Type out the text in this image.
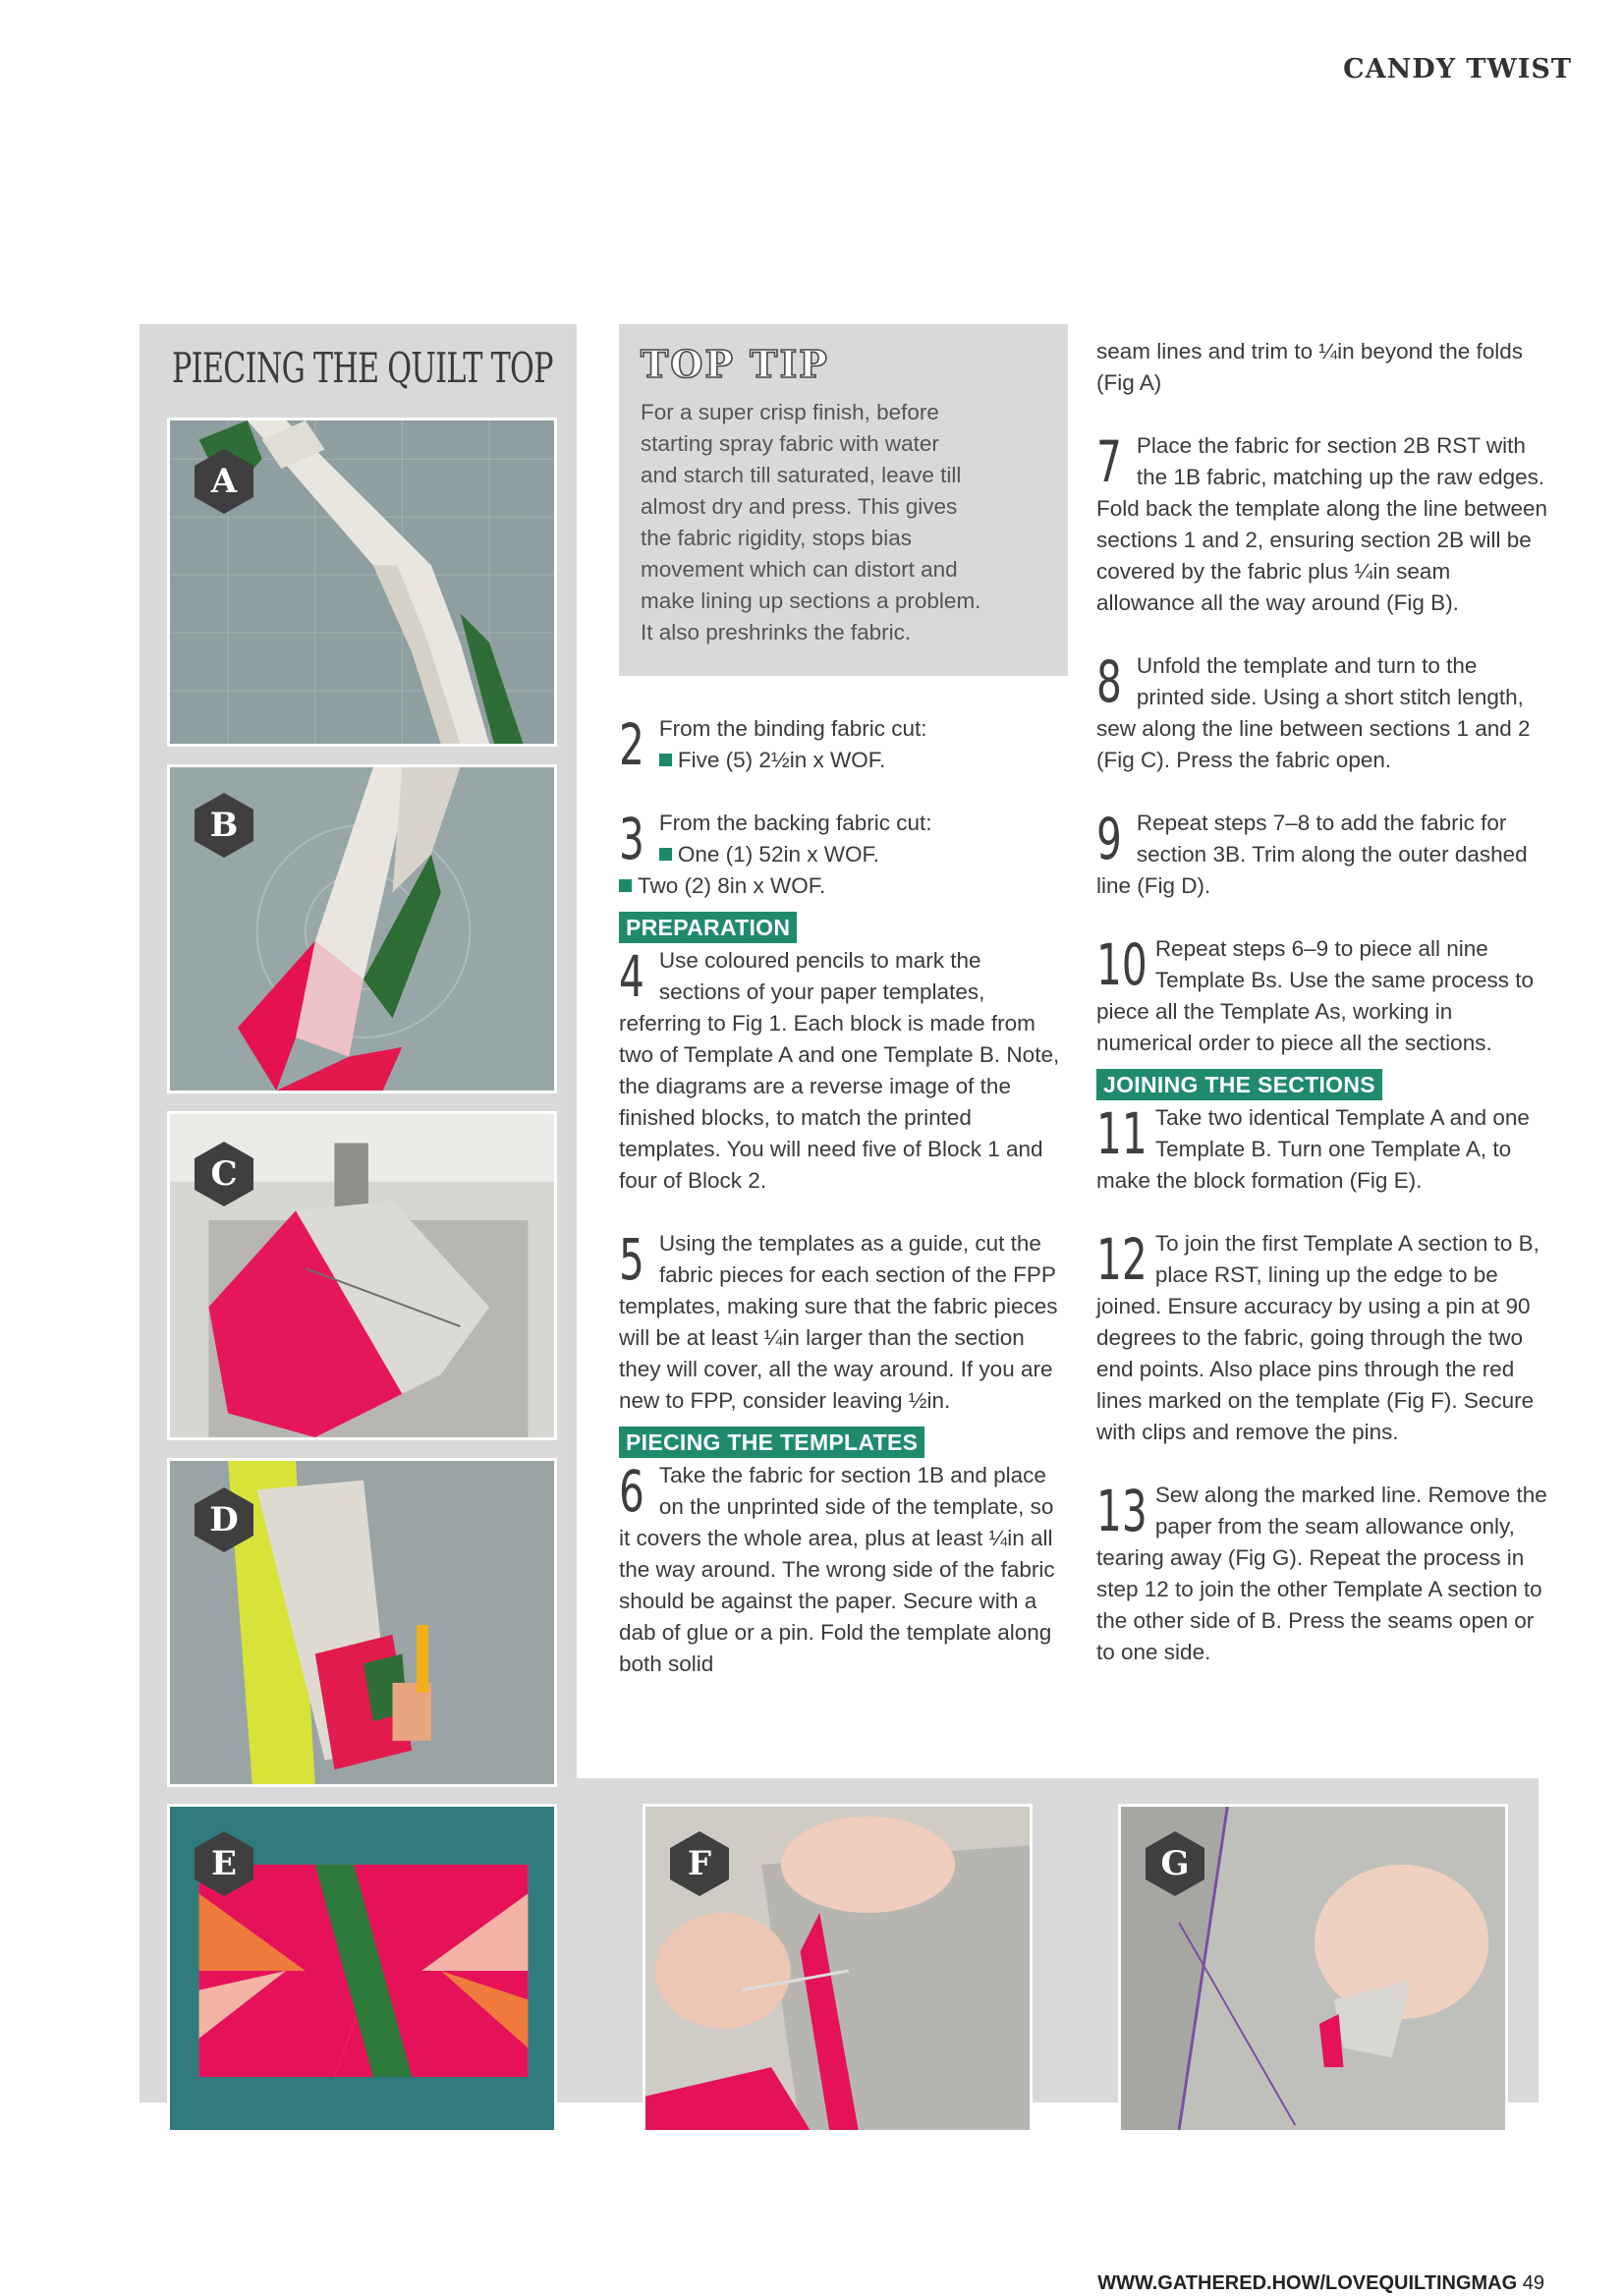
CANDY TWIST
PIECING THE QUILT TOP
A
B
C
D
E	F	G
TOP TIP
For a super crisp finish, before
starting spray fabric with water
and starch till saturated, leave till
almost dry and press. This gives
the fabric rigidity, stops bias
movement which can distort and
make lining up sections a problem.
It also preshrinks the fabric.

2 From the binding fabric cut:
Five (5) 2½in x WOF.

3 From the backing fabric cut:
One (1) 52in x WOF.
Two (2) 8in x WOF.

PREPARATION

4 Use coloured pencils to mark the sections of your paper templates, referring to Fig 1. Each block is made from two of Template A and one Template B. Note, the diagrams are a reverse image of the finished blocks, to match the printed templates. You will need five of Block 1 and four of Block 2.

5 Using the templates as a guide, cut the fabric pieces for each section of the FPP templates, making sure that the fabric pieces will be at least ¼in larger than the section they will cover, all the way around. If you are new to FPP, consider leaving ½in.

PIECING THE TEMPLATES

6 Take the fabric for section 1B and place on the unprinted side of the template, so it covers the whole area, plus at least ¼in all the way around. The wrong side of the fabric should be against the paper. Secure with a dab of glue or a pin. Fold the template along both solid

seam lines and trim to ¼in beyond the folds (Fig A)

7 Place the fabric for section 2B RST with the 1B fabric, matching up the raw edges. Fold back the template along the line between sections 1 and 2, ensuring section 2B will be covered by the fabric plus ¼in seam allowance all the way around (Fig B).

8 Unfold the template and turn to the printed side. Using a short stitch length, sew along the line between sections 1 and 2 (Fig C). Press the fabric open.

9 Repeat steps 7–8 to add the fabric for section 3B. Trim along the outer dashed line (Fig D).

10 Repeat steps 6–9 to piece all nine Template Bs. Use the same process to piece all the Template As, working in numerical order to piece all the sections.

JOINING THE SECTIONS

11 Take two identical Template A and one Template B. Turn one Template A, to make the block formation (Fig E).

12 To join the first Template A section to B, place RST, lining up the edge to be joined. Ensure accuracy by using a pin at 90 degrees to the fabric, going through the two end points. Also place pins through the red lines marked on the template (Fig F). Secure with clips and remove the pins.

13 Sew along the marked line. Remove the paper from the seam allowance only, tearing away (Fig G). Repeat the process in step 12 to join the other Template A section to the other side of B. Press the seams open or to one side.

WWW.GATHERED.HOW/LOVEQUILTINGMAG 49
